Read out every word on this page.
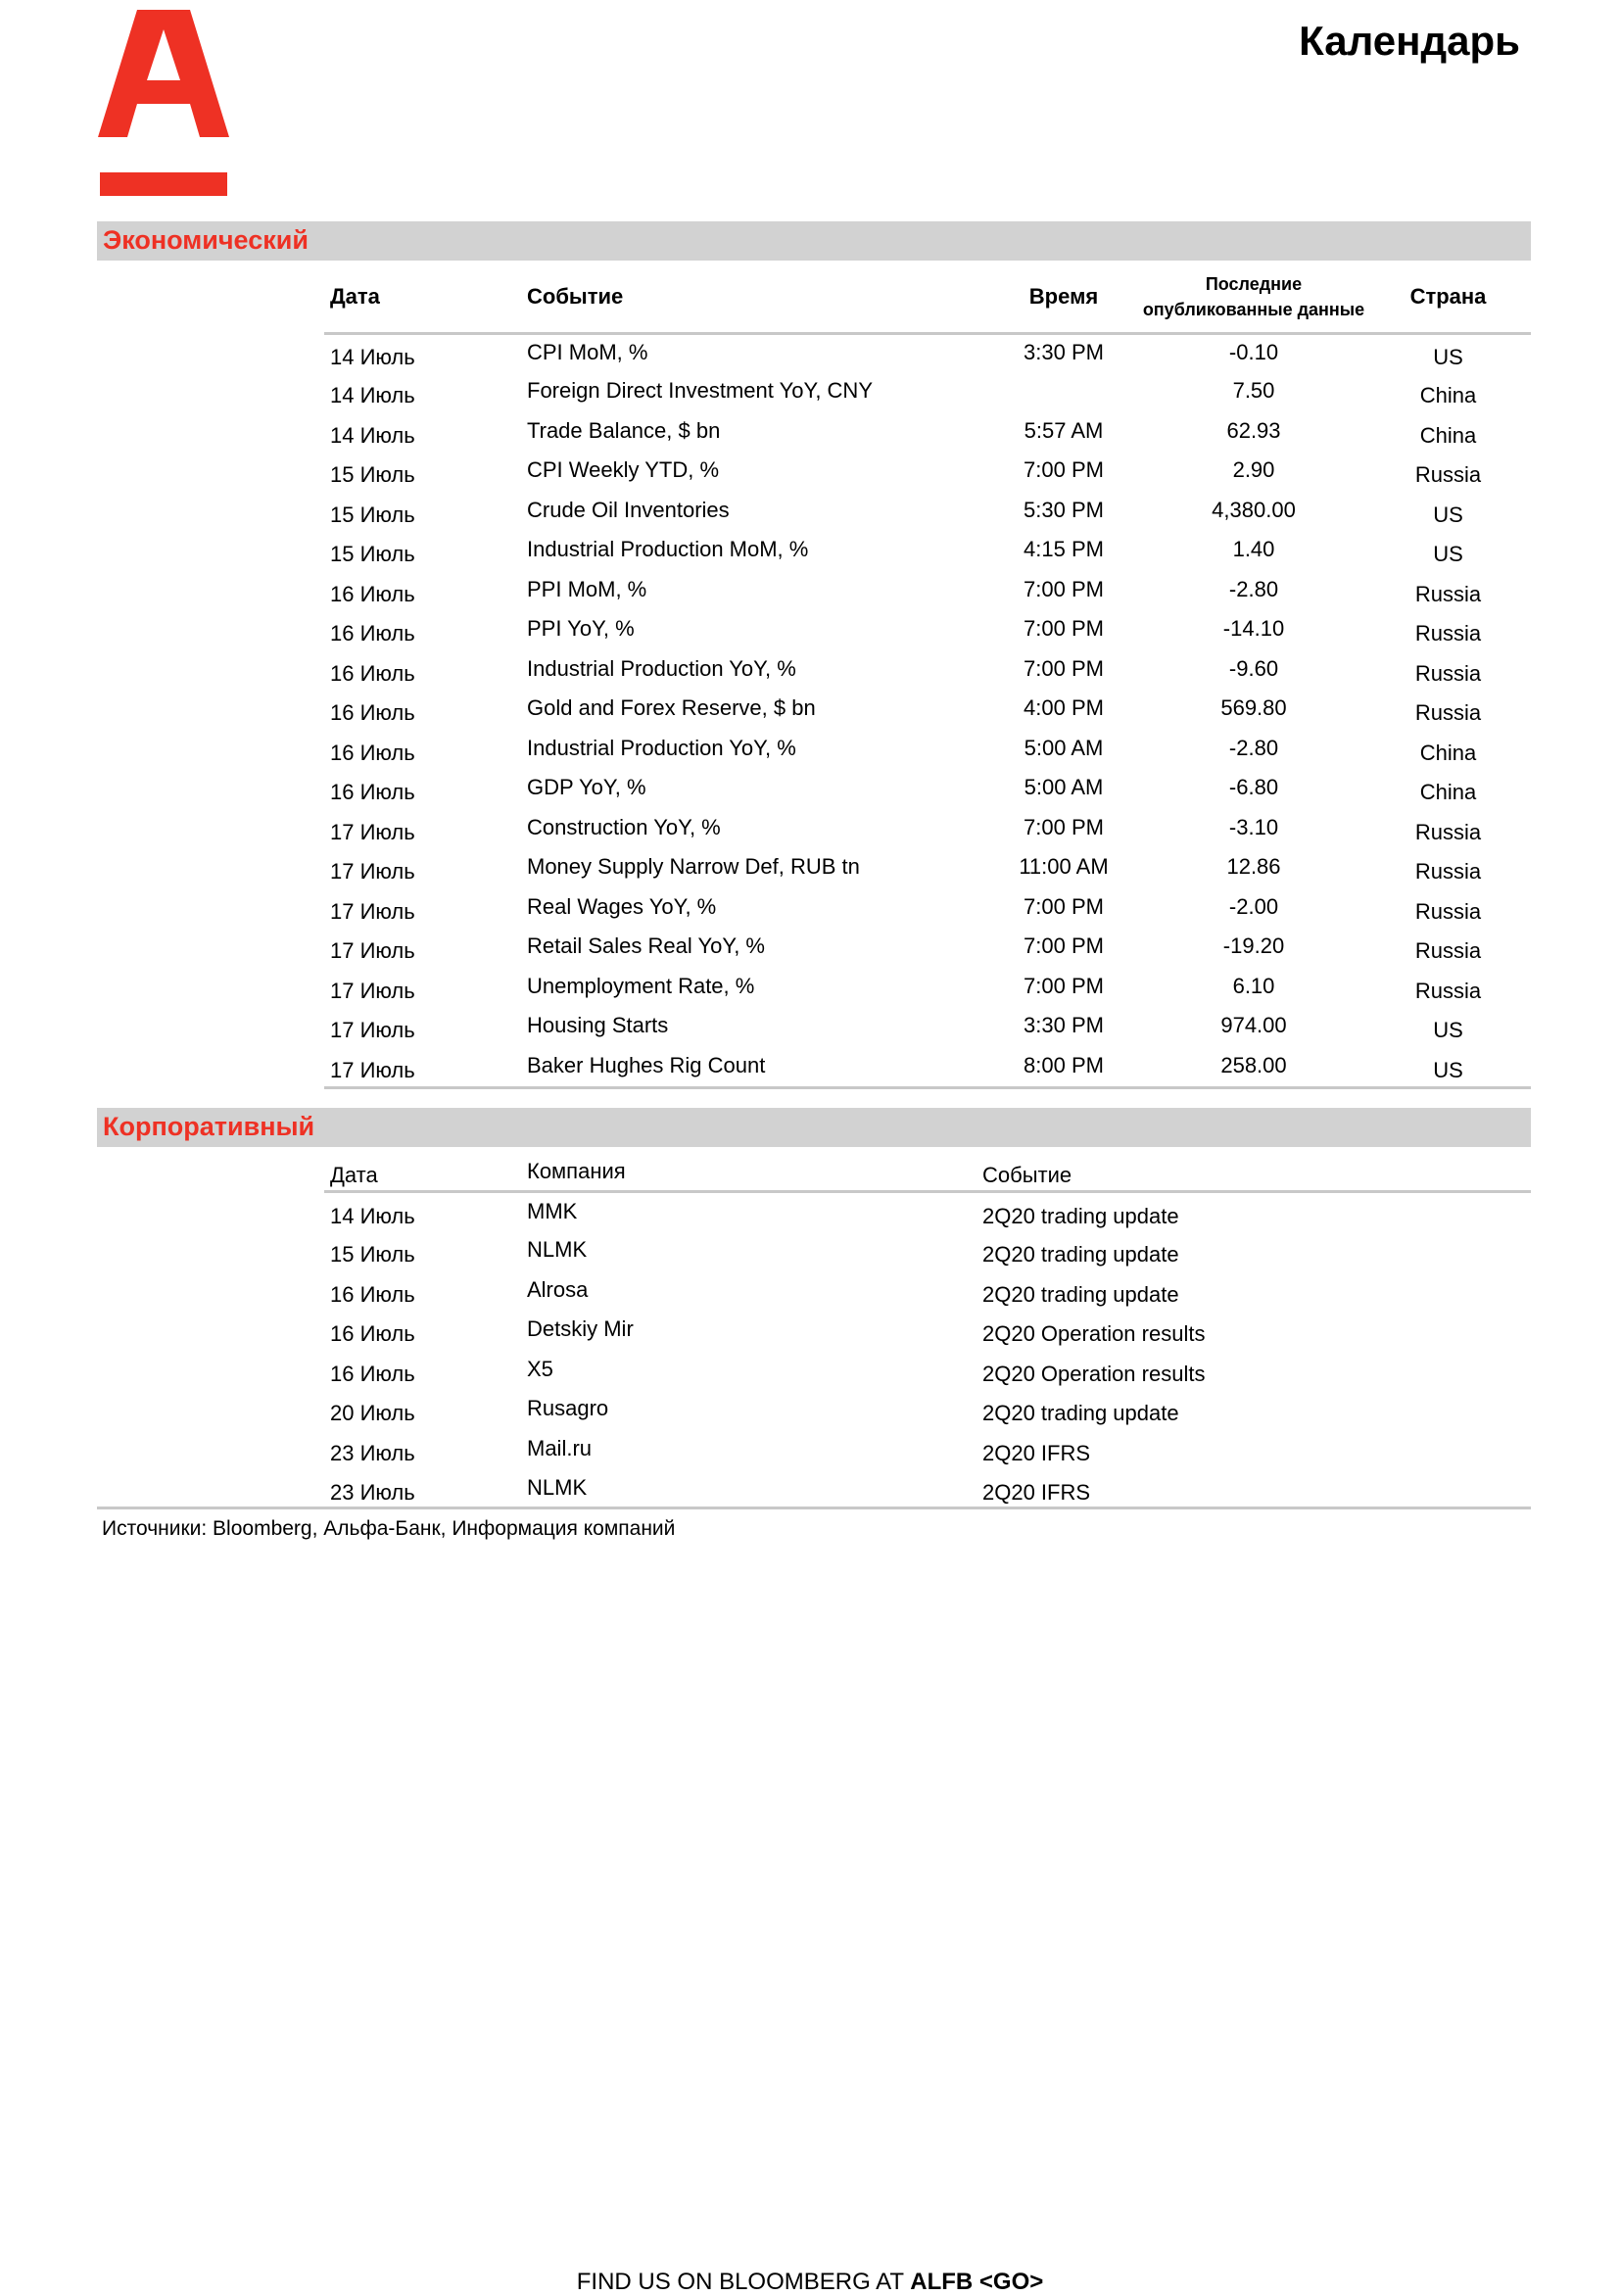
Календарь
Экономический
Дата	Событие	Время	Последние опубликованные данные	Страна
14 Июль	CPI MoM, %	3:30 PM	-0.10	US
14 Июль	Foreign Direct Investment YoY, CNY		7.50	China
14 Июль	Trade Balance, $ bn	5:57 AM	62.93	China
15 Июль	CPI Weekly YTD, %	7:00 PM	2.90	Russia
15 Июль	Crude Oil Inventories	5:30 PM	4,380.00	US
15 Июль	Industrial Production MoM, %	4:15 PM	1.40	US
16 Июль	PPI MoM, %	7:00 PM	-2.80	Russia
16 Июль	PPI YoY, %	7:00 PM	-14.10	Russia
16 Июль	Industrial Production YoY, %	7:00 PM	-9.60	Russia
16 Июль	Gold and Forex Reserve, $ bn	4:00 PM	569.80	Russia
16 Июль	Industrial Production YoY, %	5:00 AM	-2.80	China
16 Июль	GDP YoY, %	5:00 AM	-6.80	China
17 Июль	Construction YoY, %	7:00 PM	-3.10	Russia
17 Июль	Money Supply Narrow Def, RUB tn	11:00 AM	12.86	Russia
17 Июль	Real Wages YoY, %	7:00 PM	-2.00	Russia
17 Июль	Retail Sales Real YoY, %	7:00 PM	-19.20	Russia
17 Июль	Unemployment Rate, %	7:00 PM	6.10	Russia
17 Июль	Housing Starts	3:30 PM	974.00	US
17 Июль	Baker Hughes Rig Count	8:00 PM	258.00	US
Корпоративный
Дата	Компания	Событие
14 Июль	MMK	2Q20 trading update
15 Июль	NLMK	2Q20 trading update
16 Июль	Alrosa	2Q20 trading update
16 Июль	Detskiy Mir	2Q20 Operation results
16 Июль	X5	2Q20 Operation results
20 Июль	Rusagro	2Q20 trading update
23 Июль	Mail.ru	2Q20 IFRS
23 Июль	NLMK	2Q20 IFRS
Источники: Bloomberg, Альфа-Банк, Информация компаний
FIND US ON BLOOMBERG AT ALFB <GO>
